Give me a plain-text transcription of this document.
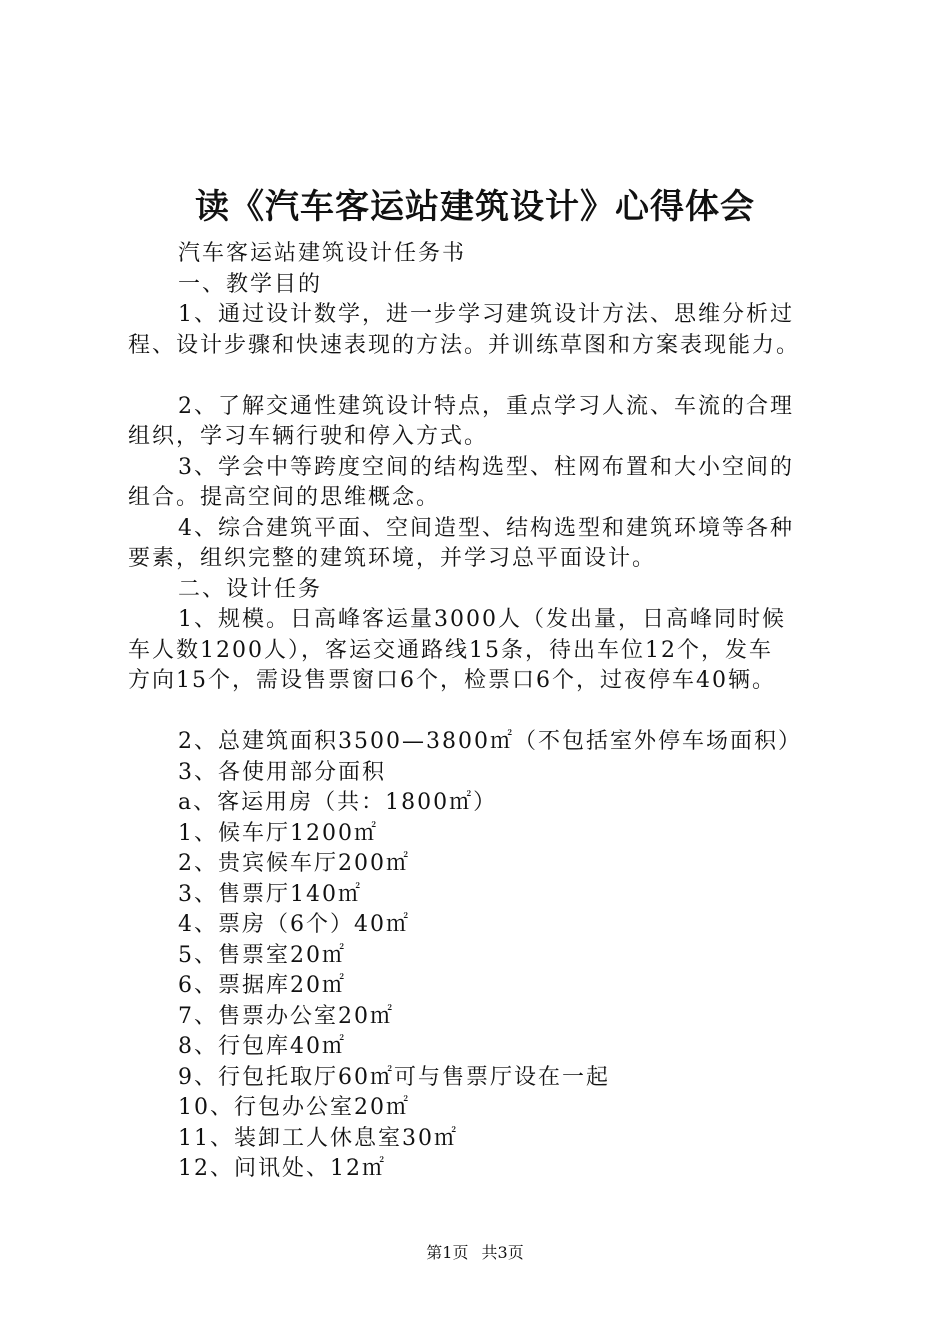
读《汽车客运站建筑设计》心得体会

汽车客运站建筑设计任务书

一、教学目的

1、通过设计数学，进一步学习建筑设计方法、思维分析过

程、设计步骤和快速表现的方法。并训练草图和方案表现能力。

2、了解交通性建筑设计特点，重点学习人流、车流的合理

组织，学习车辆行驶和停入方式。

3、学会中等跨度空间的结构选型、柱网布置和大小空间的

组合。提高空间的思维概念。

4、综合建筑平面、空间造型、结构选型和建筑环境等各种

要素，组织完整的建筑环境，并学习总平面设计。

二、设计任务

1、规模。日高峰客运量3000人（发出量，日高峰同时候

车人数1200人），客运交通路线15条，待出车位12个，发车

方向15个，需设售票窗口6个，检票口6个，过夜停车40辆。

2、总建筑面积3500—3800㎡（不包括室外停车场面积）

3、各使用部分面积

a、客运用房（共：1800㎡）

1、候车厅1200㎡

2、贵宾候车厅200㎡

3、售票厅140㎡

4、票房（6个）40㎡

5、售票室20㎡

6、票据库20㎡

7、售票办公室20㎡

8、行包库40㎡

9、行包托取厅60㎡可与售票厅设在一起

10、行包办公室20㎡

11、装卸工人休息室30㎡

12、问讯处、12㎡

第1页 共3页
